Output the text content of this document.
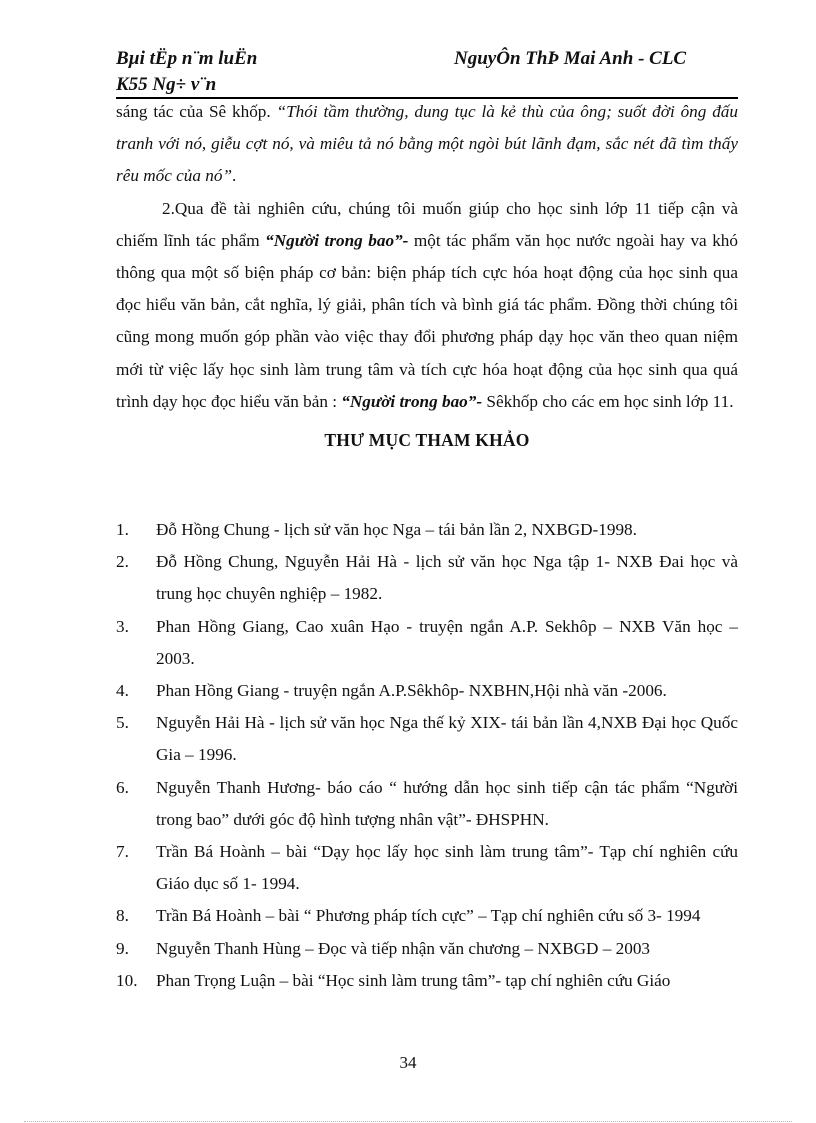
Bµi tËp n¨m luËn	NguyÔn ThÞ Mai Anh - CLC
K55 Ng÷ v¨n

sáng tác của Sê khốp. “Thói tầm thường, dung tục là kẻ thù của ông; suốt đời ông đấu tranh với nó, giễu cợt nó, và miêu tả nó bằng một ngòi bút lãnh đạm, sắc nét đã tìm thấy rêu mốc của nó”.

2.Qua đề tài nghiên cứu, chúng tôi muốn giúp cho học sinh lớp 11 tiếp cận và chiếm lĩnh tác phẩm “Người trong bao”- một tác phẩm văn học nước ngoài hay va khó thông qua một số biện pháp cơ bản: biện pháp tích cực hóa hoạt động của học sinh qua đọc hiểu văn bản, cắt nghĩa, lý giải, phân tích và bình giá tác phẩm. Đồng thời chúng tôi cũng mong muốn góp phần vào việc thay đổi phương pháp dạy học văn theo quan niệm mới từ việc lấy học sinh làm trung tâm và tích cực hóa hoạt động của học sinh qua quá trình dạy học đọc hiểu văn bản : “Người trong bao”- Sêkhốp cho các em học sinh lớp 11.

THƯ MỤC THAM KHẢO

1. Đỗ Hồng Chung - lịch sử văn học Nga – tái bản lần 2, NXBGD-1998.
2. Đỗ Hồng Chung, Nguyễn Hải Hà - lịch sử văn học Nga tập 1- NXB Đai học và trung học chuyên nghiệp – 1982.
3. Phan Hồng Giang, Cao xuân Hạo - truyện ngắn A.P. Sekhôp – NXB Văn học – 2003.
4. Phan Hồng Giang - truyện ngắn A.P.Sêkhôp- NXBHN,Hội nhà văn -2006.
5. Nguyễn Hải Hà - lịch sử văn học Nga thế kỷ XIX- tái bản lần 4,NXB Đại học Quốc Gia – 1996.
6. Nguyễn Thanh Hương- báo cáo “ hướng dẫn học sinh tiếp cận tác phẩm “Người trong bao” dưới góc độ hình tượng nhân vật”- ĐHSPHN.
7. Trần Bá Hoành – bài “Dạy học lấy học sinh làm trung tâm”- Tạp chí nghiên cứu Giáo dục số 1- 1994.
8. Trần Bá Hoành – bài “ Phương pháp tích cực” – Tạp chí nghiên cứu số 3- 1994
9. Nguyễn Thanh Hùng – Đọc và tiếp nhận văn chương – NXBGD – 2003
10. Phan Trọng Luận – bài “Học sinh làm trung tâm”- tạp chí nghiên cứu Giáo
34
